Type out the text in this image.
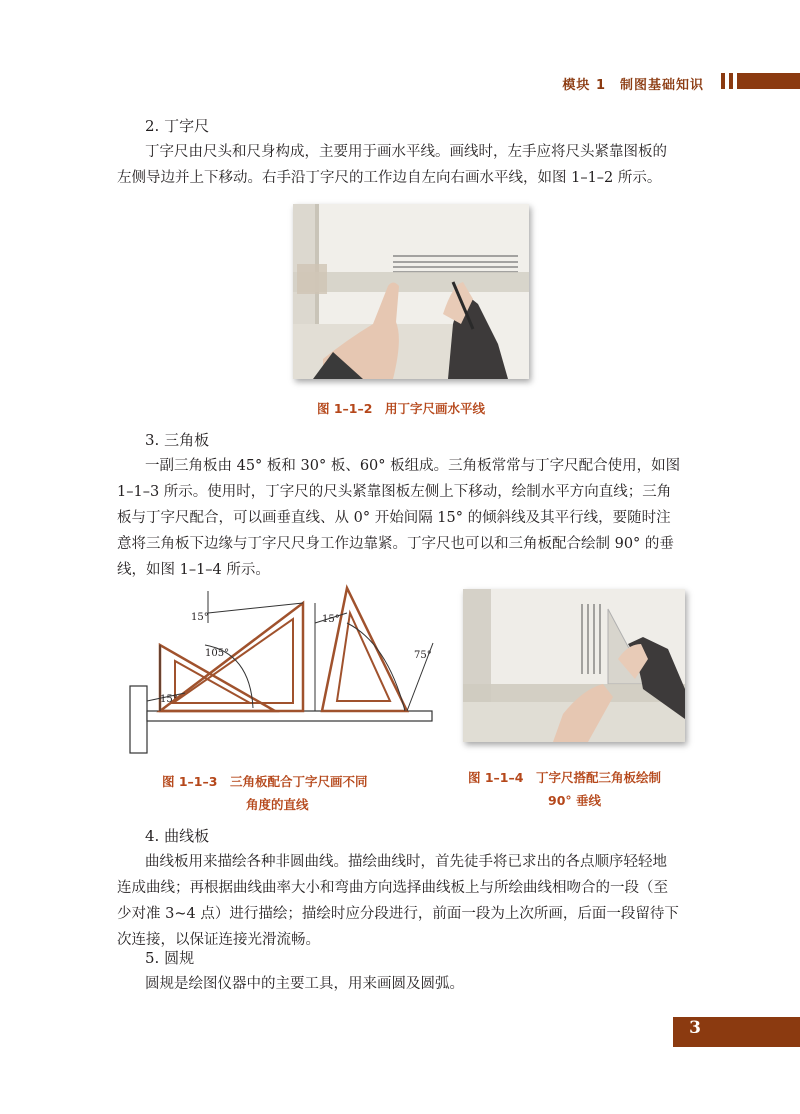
模块 1　制图基础知识
2. 丁字尺
丁字尺由尺头和尺身构成，主要用于画水平线。画线时，左手应将尺头紧靠图板的
左侧导边并上下移动。右手沿丁字尺的工作边自左向右画水平线，如图 1–1–2 所示。
图 1–1–2　用丁字尺画水平线
3. 三角板
一副三角板由 45° 板和 30° 板、60° 板组成。三角板常常与丁字尺配合使用，如图
1–1–3 所示。使用时，丁字尺的尺头紧靠图板左侧上下移动，绘制水平方向直线；三角
板与丁字尺配合，可以画垂直线、从 0° 开始间隔 15° 的倾斜线及其平行线，要随时注
意将三角板下边缘与丁字尺尺身工作边靠紧。丁字尺也可以和三角板配合绘制 90° 的垂
线，如图 1–1–4 所示。
15°
105°
15°
15°
75°
图 1–1–3　三角板配合丁字尺画不同
角度的直线
图 1–1–4　丁字尺搭配三角板绘制
90° 垂线
4. 曲线板
曲线板用来描绘各种非圆曲线。描绘曲线时，首先徒手将已求出的各点顺序轻轻地
连成曲线；再根据曲线曲率大小和弯曲方向选择曲线板上与所绘曲线相吻合的一段（至
少对准 3~4 点）进行描绘；描绘时应分段进行，前面一段为上次所画，后面一段留待下
次连接，以保证连接光滑流畅。
5. 圆规
圆规是绘图仪器中的主要工具，用来画圆及圆弧。
3
